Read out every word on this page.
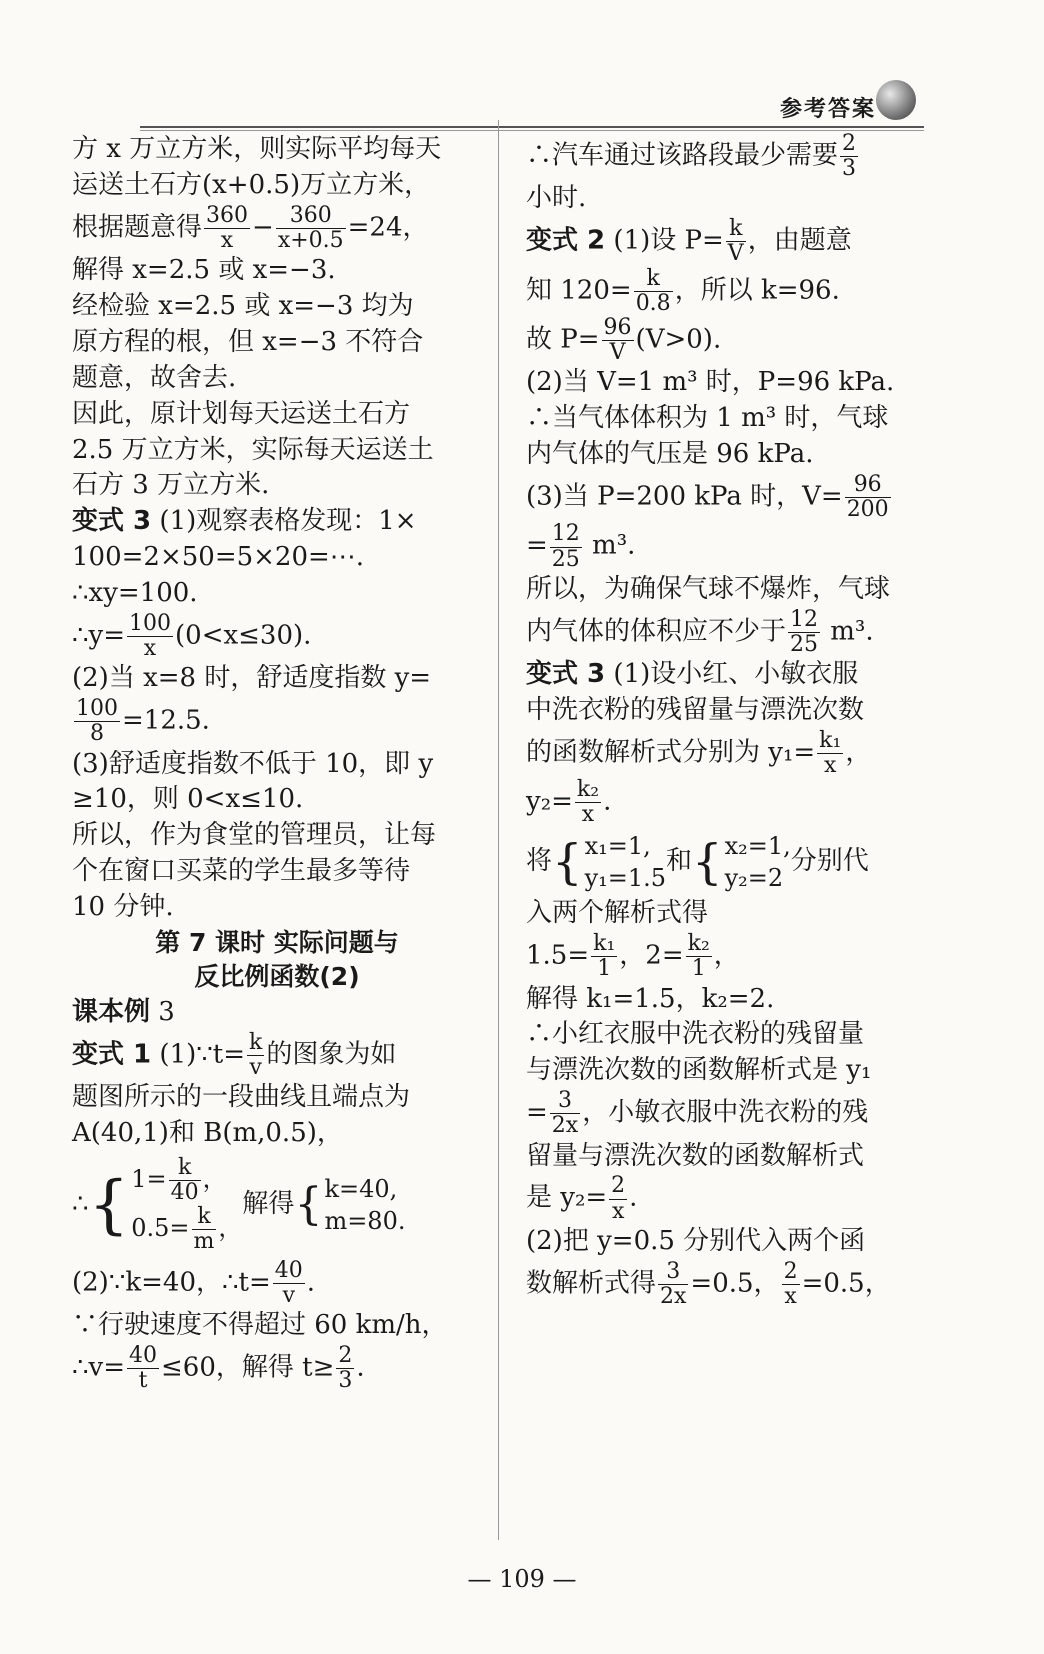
参考答案

方 x 万立方米，则实际平均每天

运送土石方(x+0.5)万立方米，

根据题意得 $\frac{360}{x} - \frac{360}{x+0.5} =24$，

解得 x=2.5 或 x=−3.

经检验 x=2.5 或 x=−3 均为

原方程的根，但 x=−3 不符合

题意，故舍去.

因此，原计划每天运送土石方

2.5 万立方米，实际每天运送土

石方 3 万立方米.

变式 3 (1)观察表格发现：1×

100=2×50=5×20=⋯.

∴xy=100.

∴y= $\frac{100}{x} (0<x\le 30)$.

(2)当 x=8 时，舒适度指数 y=

$\frac{100}{8} =12.5$.

(3)舒适度指数不低于 10，即 y

≥10，则 0<x≤10.

所以，作为食堂的管理员，让每

个在窗口买菜的学生最多等待

10 分钟.

第 7 课时 实际问题与

反比例函数(2)

课本例 3

变式 1 (1)∵t= $\frac{k}{v}$ 的图象为如

题图所示的一段曲线且端点为

A(40,1)和 B(m,0.5)，

∴ { $1= \frac{k}{40}$ ，
$0.5= \frac{k}{m}$ ，
解得 { k=40,
m=80.

(2)∵k=40，∴t= $\frac{40}{v}$ .

∵行驶速度不得超过 60 km/h，

∴v= $\frac{40}{t} \le 60$，解得 $t\ge \frac{2}{3}$ .

∴汽车通过该路段最少需要 $\frac{2}{3}$

小时.

变式 2 (1)设 $P= \frac{k}{V}$ ，由题意

知 $120= \frac{k}{0.8}$ ，所以 k=96.

故 $P= \frac{96}{V} (V>0)$.

(2)当 V=1 m³ 时，P=96 kPa.

∴当气体体积为 1 m³ 时，气球

内气体的气压是 96 kPa.

(3)当 P=200 kPa 时，$V= \frac{96}{200}$

= $\frac{12}{25} m^3$.

所以，为确保气球不爆炸，气球

内气体的体积应不少于 $\frac{12}{25} m^3$.

变式 3 (1)设小红、小敏衣服

中洗衣粉的残留量与漂洗次数

的函数解析式分别为 $y_1= \frac{\text{k₁}}{x}$ ，

$y_2= \frac{\text{k₂}}{x}$ .

将 { x₁=1,
y₁=1.5
和 { x₂=1,
y₂=2
分别代

入两个解析式得

$1.5= \frac{\text{k₁}}{1}$ ，$2= \frac{\text{k₂}}{1}$ ，

解得 k₁=1.5，k₂=2.

∴小红衣服中洗衣粉的残留量

与漂洗次数的函数解析式是 y₁

= $\frac{3}{2x}$ ，小敏衣服中洗衣粉的残

留量与漂洗次数的函数解析式

是 $y_2= \frac{2}{x}$ .

(2)把 y=0.5 分别代入两个函

数解析式得 $\frac{3}{2x} =0.5$， $\frac{2}{x} =0.5$，

— 109 —
